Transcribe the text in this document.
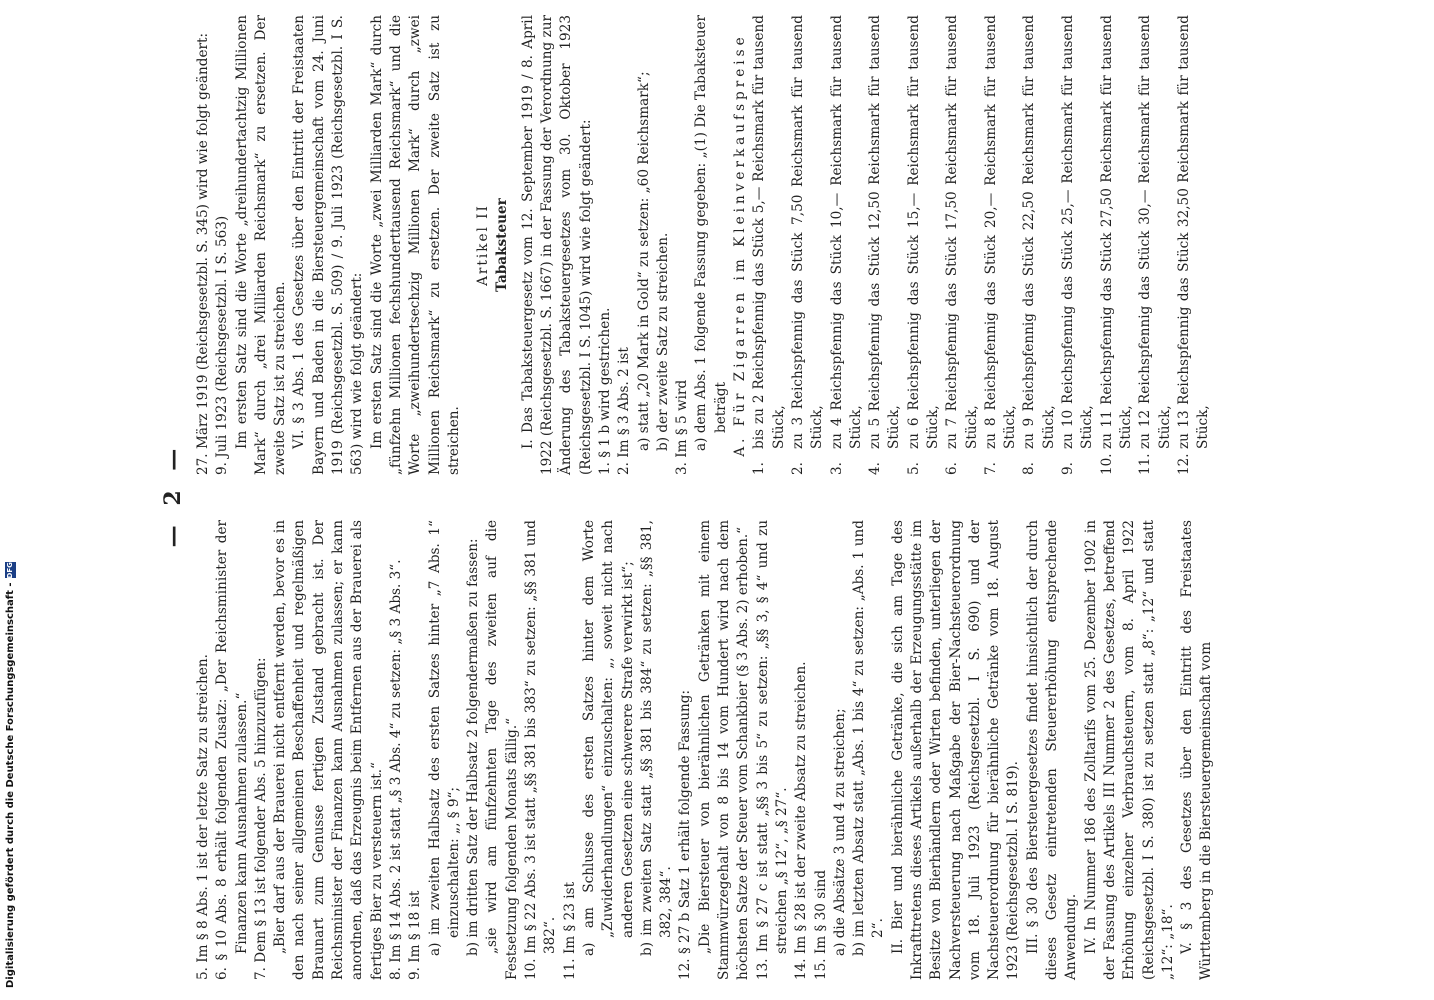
— 2 —

5. Im § 8 Abs. 1 ist der letzte Satz zu streichen. 6. § 10 Abs. 8 erhält folgenden Zusatz: „Der Reichsminister der Finanzen kann Ausnahmen zulassen.“ 7. Dem § 13 ist folgender Abs. 5 hinzuzufügen: „Bier darf aus der Brauerei nicht entfernt werden, bevor es in den nach seiner allgemeinen Beschaffenheit und regelmäßigen Braunart zum Genusse fertigen Zustand gebracht ist. Der Reichsminister der Finanzen kann Ausnahmen zulassen; er kann anordnen, daß das Erzeugnis beim Entfernen aus der Brauerei als fertiges Bier zu versteuern ist.“ 8. Im § 14 Abs. 2 ist statt „§ 3 Abs. 4“ zu setzen: „§ 3 Abs. 3“. 9. Im § 18 ist a) im zweiten Halbsatz des ersten Satzes hinter „7 Abs. 1“ einzuschalten: „, § 9“; b) im dritten Satz der Halbsatz 2 folgendermaßen zu fassen: „sie wird am fünfzehnten Tage des zweiten auf die Festsetzung folgenden Monats fällig.“ 10. Im § 22 Abs. 3 ist statt „§§ 381 bis 383“ zu setzen: „§§ 381 und 382“. 11. Im § 23 ist a) am Schlusse des ersten Satzes hinter dem Worte „Zuwiderhandlungen“ einzuschalten: „, soweit nicht nach anderen Gesetzen eine schwerere Strafe verwirkt ist“; b) im zweiten Satz statt „§§ 381 bis 384“ zu setzen: „§§ 381, 382, 384“. 12. § 27 b Satz 1 erhält folgende Fassung: „Die Biersteuer von bierähnlichen Getränken mit einem Stammwürzegehalt von 8 bis 14 vom Hundert wird nach dem höchsten Satze der Steuer vom Schankbier (§ 3 Abs. 2) erhoben.“ 13. Im § 27 c ist statt „§§ 3 bis 5“ zu setzen: „§§ 3, § 4“ und zu streichen „§ 12“, „§ 27“. 14. Im § 28 ist der zweite Absatz zu streichen. 15. Im § 30 sind a) die Absätze 3 und 4 zu streichen; b) im letzten Absatz statt „Abs. 1 bis 4“ zu setzen: „Abs. 1 und 2“. II. Bier und bierähnliche Getränke, die sich am Tage des Inkrafttretens dieses Artikels außerhalb der Erzeugungsstätte im Besitze von Bierhändlern oder Wirten befinden, unterliegen der Nachversteuerung nach Maßgabe der Bier-Nachsteuerordnung vom 18. Juli 1923 (Reichsgesetzbl. I S. 690) und der Nachsteuerordnung für bierähnliche Getränke vom 18. August 1923 (Reichsgesetzbl. I S. 819). III. § 30 des Biersteuergesetzes findet hinsichtlich der durch dieses Gesetz eintretenden Steuererhöhung entsprechende Anwendung. IV. In Nummer 186 des Zolltarifs vom 25. Dezember 1902 in der Fassung des Artikels III Nummer 2 des Gesetzes, betreffend Erhöhung einzelner Verbrauchsteuern, vom 8. April 1922 (Reichsgesetzbl. I S. 380) ist zu setzen statt „8“: „12“ und statt „12“: „18“. V. § 3 des Gesetzes über den Eintritt des Freistaates Württemberg in die Biersteuergemeinschaft vom

27. März 1919 (Reichsgesetzbl. S. 345) wird wie folgt geändert: 9. Juli 1923 (Reichsgesetzbl. I S. 563) Im ersten Satz sind die Worte „dreihundertachtzig Millionen Mark“ durch „drei Milliarden Reichsmark“ zu ersetzen. Der zweite Satz ist zu streichen. VI. § 3 Abs. 1 des Gesetzes über den Eintritt der Freistaaten Bayern und Baden in die Biersteuergemeinschaft vom 24. Juni 1919 (Reichsgesetzbl. S. 509) / 9. Juli 1923 (Reichsgesetzbl. I S. 563) wird wie folgt geändert: Im ersten Satz sind die Worte „zwei Milliarden Mark“ durch „fünfzehn Millionen fechshunderttausend Reichsmark“ und die Worte „zweihundertsechzig Millionen Mark“ durch „zwei Millionen Reichsmark“ zu ersetzen. Der zweite Satz ist zu streichen.

Artikel II Tabaksteuer I. Das Tabaksteuergesetz vom 12. September 1919 / 8. April 1922 (Reichsgesetzbl. S. 1667) in der Fassung der Verordnung zur Änderung des Tabaksteuergesetzes vom 30. Oktober 1923 (Reichsgesetzbl. I S. 1045) wird wie folgt geändert: 1. § 1 b wird gestrichen. 2. Im § 3 Abs. 2 ist a) statt „20 Mark in Gold“ zu setzen: „60 Reichsmark“; b) der zweite Satz zu streichen. 3. Im § 5 wird a) dem Abs. 1 folgende Fassung gegeben: „(1) Die Tabaksteuer beträgt A. Für Zigarren im Kleinverkaufspreise

1.
bis zu 2 Reichspfennig das Stück 5,— Reichsmark für tausend Stück,
2.
zu 3 Reichspfennig das Stück 7,50 Reichsmark für tausend Stück,
3.
zu 4 Reichspfennig das Stück 10,— Reichsmark für tausend Stück,
4.
zu 5 Reichspfennig das Stück 12,50 Reichsmark für tausend Stück,
5.
zu 6 Reichspfennig das Stück 15,— Reichsmark für tausend Stück,
6.
zu 7 Reichspfennig das Stück 17,50 Reichsmark für tausend Stück,
7.
zu 8 Reichspfennig das Stück 20,— Reichsmark für tausend Stück,
8.
zu 9 Reichspfennig das Stück 22,50 Reichsmark für tausend Stück,
9.
zu 10 Reichspfennig das Stück 25,— Reichsmark für tausend Stück,
10.
zu 11 Reichspfennig das Stück 27,50 Reichsmark für tausend Stück,
11.
zu 12 Reichspfennig das Stück 30,— Reichsmark für tausend Stück,
12.
zu 13 Reichspfennig das Stück 32,50 Reichsmark für tausend Stück,
Digitalisierung gefördert durch die Deutsche Forschungsgemeinschaft -
DFG
